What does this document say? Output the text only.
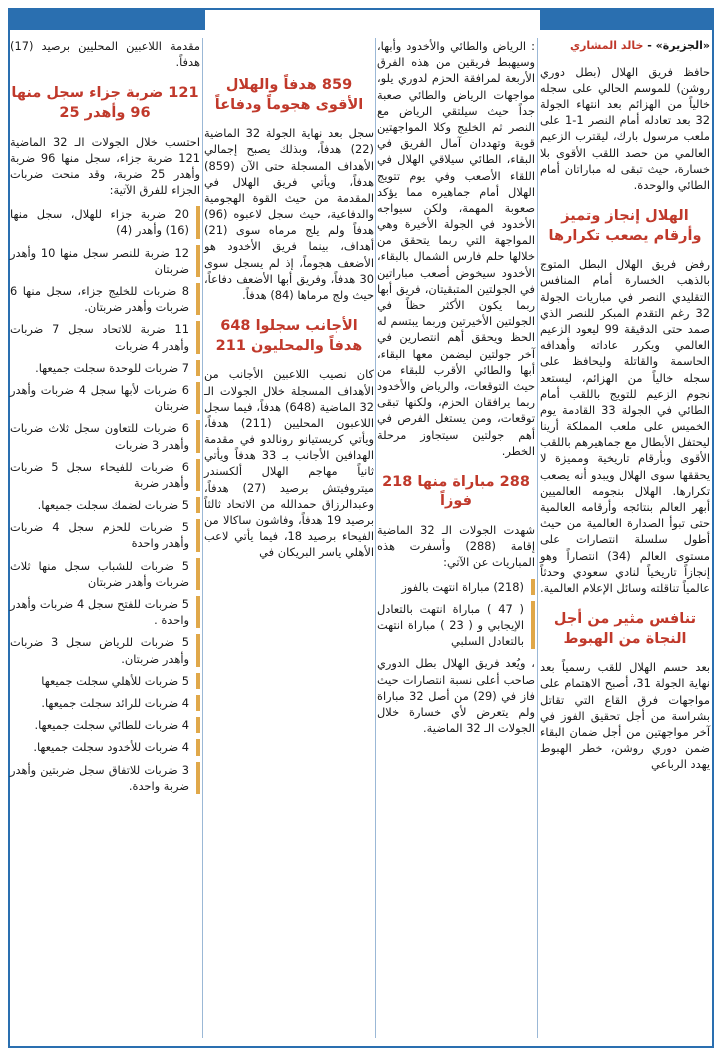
«الجزيرة» - خالد المشاري

حافظ فريق الهلال (بطل دوري روشن) للموسم الحالي على سجله خالياً من الهزائم بعد انتهاء الجولة 32 بعد تعادله أمام النصر 1-1 على ملعب مرسول بارك، ليقترب الزعيم العالمي من حصد اللقب الأقوى بلا خسارة، حيث تبقى له مباراتان أمام الطائي والوحدة.

الهلال إنجاز وتميز وأرقام يصعب تكرارها

رفض فريق الهلال البطل المتوج بالذهب الخسارة أمام المنافس التقليدي النصر في مباريات الجولة 32 رغم التقدم المبكر للنصر الذي صمد حتى الدقيقة 99 ليعود الزعيم العالمي ويكرر عاداته وأهدافه الحاسمة والقاتلة وليحافظ على سجله خالياً من الهزائم، ليستعد نجوم الزعيم للتويج باللقب أمام الطائي في الجولة 33 القادمة يوم الخميس على ملعب المملكة أرينا ليحتفل الأبطال مع جماهيرهم باللقب الأقوى وبأرقام تاريخية ومميزة لا يحققها سوى الهلال ويبدو أنه يصعب تكرارها. الهلال بنجومه العالميين أبهر العالم بنتائجه وأرقامه العالمية حتى تبوأ الصدارة العالمية من حيث أطول سلسلة انتصارات على مستوى العالم (34) انتصاراً وهو إنجازاً تاريخياً لنادي سعودي وحدثاً عالمياً تناقلته وسائل الإعلام العالمية.

تنافس مثير من أجل النجاة من الهبوط

بعد حسم الهلال للقب رسمياً بعد نهاية الجولة 31، أصبح الاهتمام على مواجهات فرق القاع التي تقاتل بشراسة من أجل تحقيق الفوز في آخر مواجهتين من أجل ضمان البقاء ضمن دوري روشن، خطر الهبوط يهدد الرباعي

: الرياض والطائي والأخدود وأبها، وسيهبط فريقين من هذه الفرق الأربعة لمرافقة الحزم لدوري يلو، مواجهات الرياض والطائي صعبة جداً حيث سيلتقي الرياض مع النصر ثم الخليج وكلا المواجهتين قوية وتهددان آمال الفريق في البقاء، الطائي سيلاقي الهلال في اللقاء الأصعب وفي يوم تتويج الهلال أمام جماهيره مما يؤكد صعوبة المهمة، ولكن سيواجه الأخدود في الجولة الأخيرة وهي المواجهة التي ربما يتحقق من خلالها حلم فارس الشمال بالبقاء، الأخدود سيخوض أصعب مباراتين في الجولتين المتبقيتان، فريق أبها ربما يكون الأكثر حظاً في الجولتين الأخيرتين وربما يبتسم له الحظ ويحقق أهم انتصارين في آخر جولتين ليضمن معها البقاء، أبها والطائي الأقرب للبقاء من حيث التوقعات، والرياض والأخدود ربما يرافقان الحزم، ولكنها تبقى توقعات، ومن يستغل الفرص في أهم جولتين سيتجاوز مرحلة الخطر.

288 مباراة منها 218 فوزاً

شهدت الجولات الـ 32 الماضية إقامة (288) وأسفرت هذه المباريات عن الآتي:

(218) مباراة انتهت بالفوز
( 47 ) مباراة انتهت بالتعادل الإيجابي و ( 23 ) مباراة انتهت بالتعادل السلبي

، ويُعد فريق الهلال بطل الدوري صاحب أعلى نسبة انتصارات حيث فاز في (29) من أصل 32 مباراة ولم يتعرض لأي خسارة خلال الجولات الـ 32 الماضية.

859 هدفاً والهلال الأقوى هجوماً ودفاعاً

سجل بعد نهاية الجولة 32 الماضية (22) هدفاً، وبذلك يصبح إجمالي الأهداف المسجلة حتى الآن (859) هدفاً، ويأتي فريق الهلال في المقدمة من حيث القوة الهجومية والدفاعية، حيث سجل لاعبوه (96) هدفاً ولم يلج مرماه سوى (21) أهداف، بينما فريق الأخدود هو الأضعف هجوماً، إذ لم يسجل سوى 30 هدفاً، وفريق أبها الأضعف دفاعاً، حيث ولج مرماها (84) هدفاً.

الأجانب سجلوا 648 هدفاً والمحليون 211

كان نصيب اللاعبين الأجانب من الأهداف المسجلة خلال الجولات الـ 32 الماضية (648) هدفاً، فيما سجل اللاعبون المحليين (211) هدفاً، ويأتي كريستيانو رونالدو في مقدمة الهدافين الأجانب بـ 33 هدفاً ويأتي ثانياً مهاجم الهلال ألكسندر ميتروفيتش برصيد (27) هدفاً، وعبدالرزاق حمدالله من الاتحاد ثالثاً برصيد 19 هدفاً، وفاشون ساكالا من الفيحاء برصيد 18، فيما يأتي لاعب الأهلي ياسر البريكان في

مقدمة اللاعبين المحليين برصيد (17) هدفاً.

121 ضربة جزاء سجل منها 96 وأهدر 25

احتسب خلال الجولات الـ 32 الماضية 121 ضربة جزاء، سجل منها 96 ضربة وأهدر 25 ضربة، وقد منحت ضربات الجزاء للفرق الآتية:

20 ضربة جزاء للهلال، سجل منها (16) وأهدر (4)
12 ضربة للنصر سجل منها 10 وأهدر ضربتان
8 ضربات للخليج جزاء، سجل منها 6 ضربات وأهدر ضربتان.
11 ضربة للاتحاد سجل 7 ضربات وأهدر 4 ضربات
7 ضربات للوحدة سجلت جميعها.
6 ضربات لأبها سجل 4 ضربات وأهدر ضربتان
6 ضربات للتعاون سجل ثلاث ضربات وأهدر 3 ضربات
6 ضربات للفيحاء سجل 5 ضربات وأهدر ضربة
5 ضربات لضمك سجلت جميعها.
5 ضربات للحزم سجل 4 ضربات وأهدر واحدة
5 ضربات للشباب سجل منها ثلاث ضربات وأهدر ضربتان
5 ضربات للفتح سجل 4 ضربات وأهدر واحدة .
5 ضربات للرياض سجل 3 ضربات وأهدر ضربتان.
5 ضربات للأهلي سجلت جميعها
4 ضربات للرائد سجلت جميعها.
4 ضربات للطائي سجلت جميعها.
4 ضربات للأخدود سجلت جميعها.
3 ضربات للاتفاق سجل ضربتين وأهدر ضربة واحدة.
